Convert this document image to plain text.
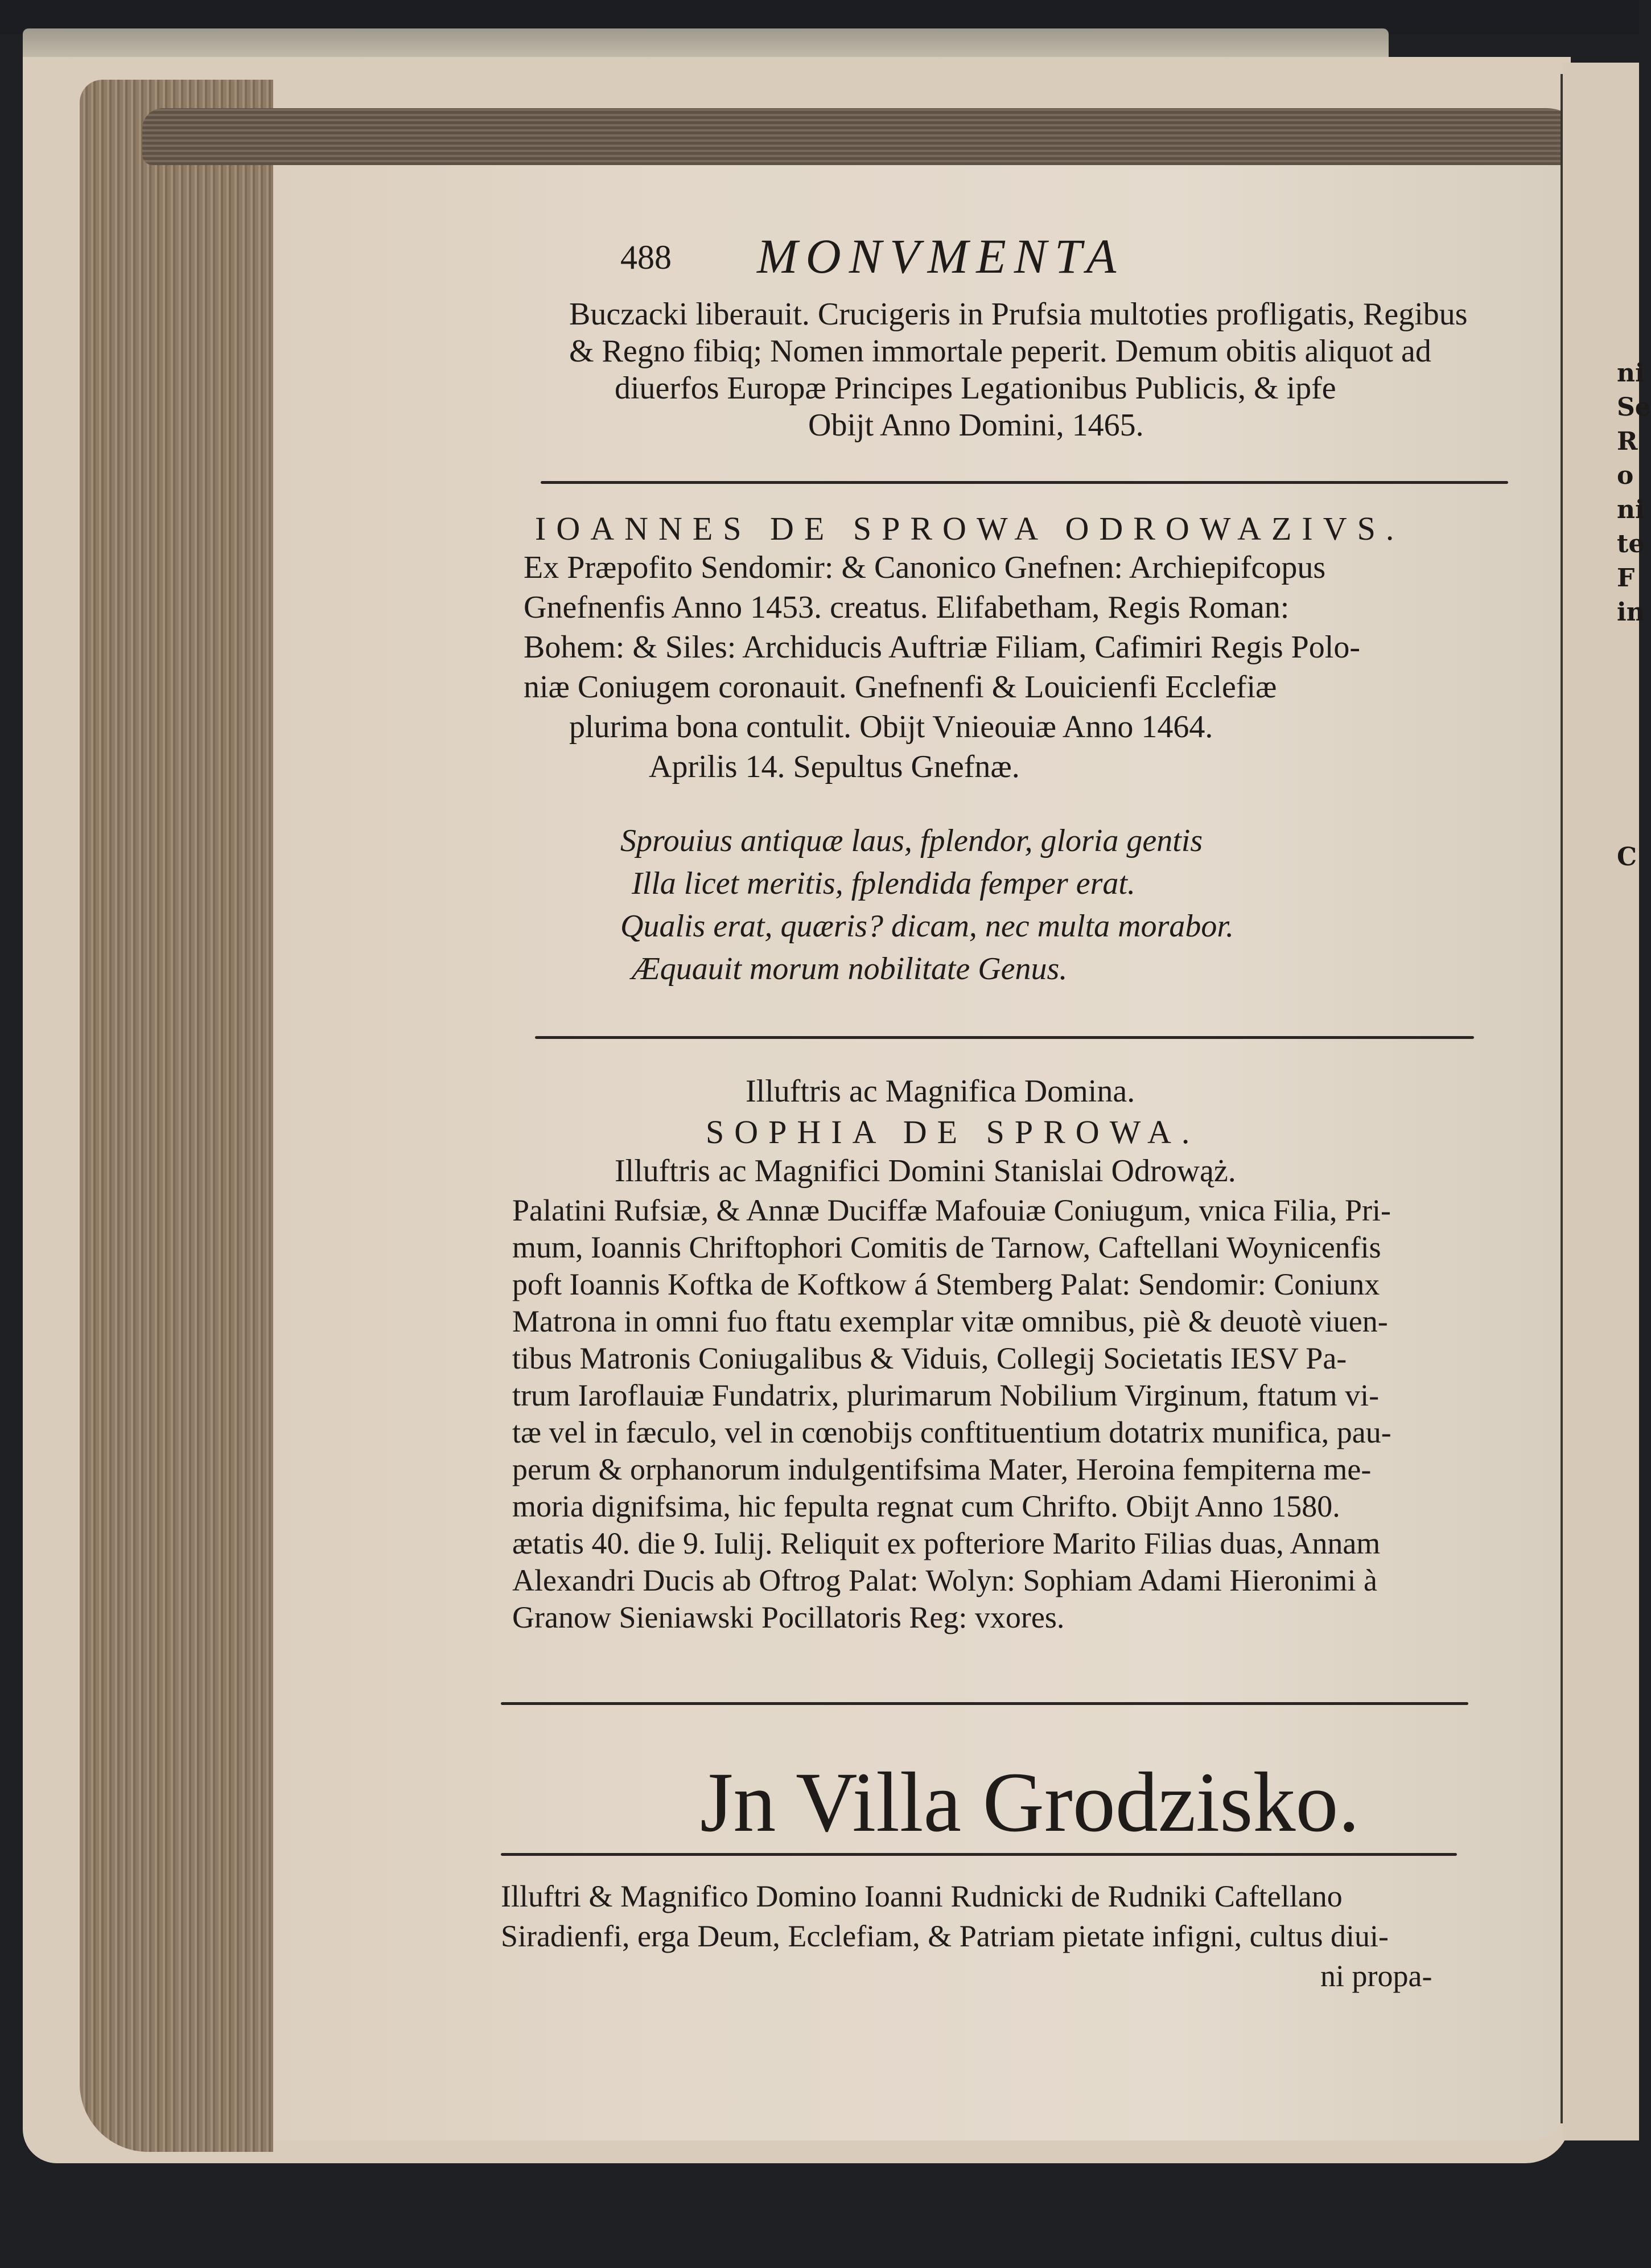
ni
Se
R
o
ni
te
F
in
C
488 MONVMENTA
Buczacki liberauit. Crucigeris in Prufsia multoties profligatis, Regibus
& Regno fibiq; Nomen immortale peperit. Demum obitis aliquot ad
diuerfos Europæ Principes Legationibus Publicis, & ipfe
Obijt Anno Domini, 1465.
IOANNES DE SPROWA ODROWAZIVS.
Ex Præpofito Sendomir: & Canonico Gnefnen: Archiepifcopus
Gnefnenfis Anno 1453. creatus. Elifabetham, Regis Roman:
Bohem: & Siles: Archiducis Auftriæ Filiam, Cafimiri Regis Polo-
niæ Coniugem coronauit. Gnefnenfi & Louicienfi Ecclefiæ
plurima bona contulit. Obijt Vnieouiæ Anno 1464.
Aprilis 14. Sepultus Gnefnæ.
Sprouius antiquæ laus, fplendor, gloria gentis
Illa licet meritis, fplendida femper erat.
Qualis erat, quæris? dicam, nec multa morabor.
Æquauit morum nobilitate Genus.
Illuftris ac Magnifica Domina.
SOPHIA DE SPROWA.
Illuftris ac Magnifici Domini Stanislai Odrowąż.
Palatini Rufsiæ, & Annæ Duciffæ Mafouiæ Coniugum, vnica Filia, Pri-
mum, Ioannis Chriftophori Comitis de Tarnow, Caftellani Woynicenfis
poft Ioannis Koftka de Koftkow á Stemberg Palat: Sendomir: Coniunx
Matrona in omni fuo ftatu exemplar vitæ omnibus, piè & deuotè viuen-
tibus Matronis Coniugalibus & Viduis, Collegij Societatis IESV Pa-
trum Iaroflauiæ Fundatrix, plurimarum Nobilium Virginum, ftatum vi-
tæ vel in fæculo, vel in cœnobijs conftituentium dotatrix munifica, pau-
perum & orphanorum indulgentifsima Mater, Heroina fempiterna me-
moria dignifsima, hic fepulta regnat cum Chrifto. Obijt Anno 1580.
ætatis 40. die 9. Iulij. Reliquit ex pofteriore Marito Filias duas, Annam
Alexandri Ducis ab Oftrog Palat: Wolyn: Sophiam Adami Hieronimi à
Granow Sieniawski Pocillatoris Reg: vxores.
Jn Villa Grodzisko.
Illuftri & Magnifico Domino Ioanni Rudnicki de Rudniki Caftellano
Siradienfi, erga Deum, Ecclefiam, & Patriam pietate infigni, cultus diui-
ni propa-
